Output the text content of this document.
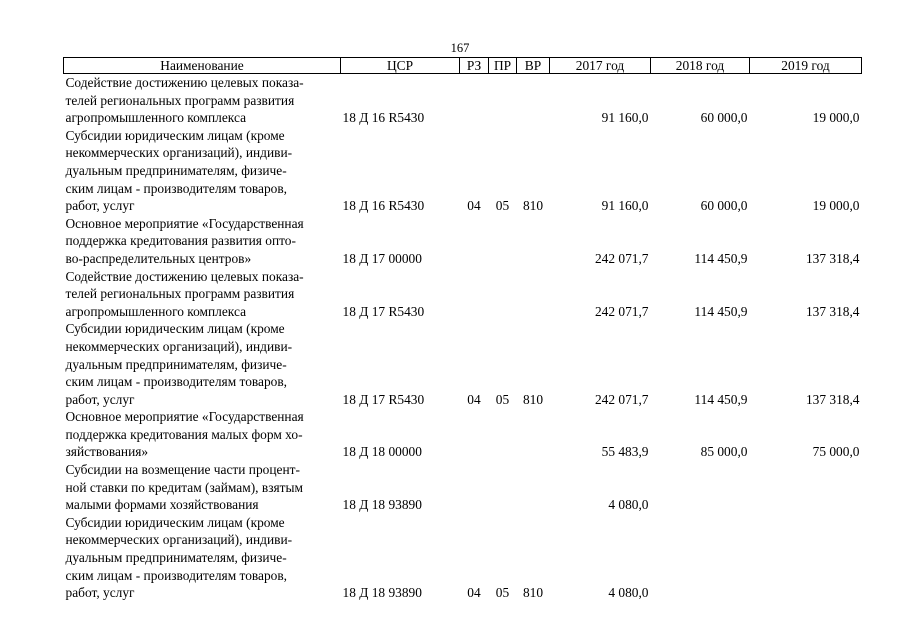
167
Наименование	ЦСР	РЗ	ПР	ВР	2017 год	2018 год	2019 год
Содействие достижению целевых показа-
телей региональных программ развития
агропромышленного комплекса	18 Д 16 R5430				91 160,0	60 000,0	19 000,0
Субсидии юридическим лицам (кроме
некоммерческих организаций), индиви-
дуальным предпринимателям, физиче-
ским лицам - производителям товаров,
работ, услуг	18 Д 16 R5430	04	05	810	91 160,0	60 000,0	19 000,0
Основное мероприятие «Государственная
поддержка кредитования развития опто-
во-распределительных центров»	18 Д 17 00000				242 071,7	114 450,9	137 318,4
Содействие достижению целевых показа-
телей региональных программ развития
агропромышленного комплекса	18 Д 17 R5430				242 071,7	114 450,9	137 318,4
Субсидии юридическим лицам (кроме
некоммерческих организаций), индиви-
дуальным предпринимателям, физиче-
ским лицам - производителям товаров,
работ, услуг	18 Д 17 R5430	04	05	810	242 071,7	114 450,9	137 318,4
Основное мероприятие «Государственная
поддержка кредитования малых форм хо-
зяйствования»	18 Д 18 00000				55 483,9	85 000,0	75 000,0
Субсидии на возмещение части процент-
ной ставки по кредитам (займам), взятым
малыми формами хозяйствования	18 Д 18 93890				4 080,0		
Субсидии юридическим лицам (кроме
некоммерческих организаций), индиви-
дуальным предпринимателям, физиче-
ским лицам - производителям товаров,
работ, услуг	18 Д 18 93890	04	05	810	4 080,0		
